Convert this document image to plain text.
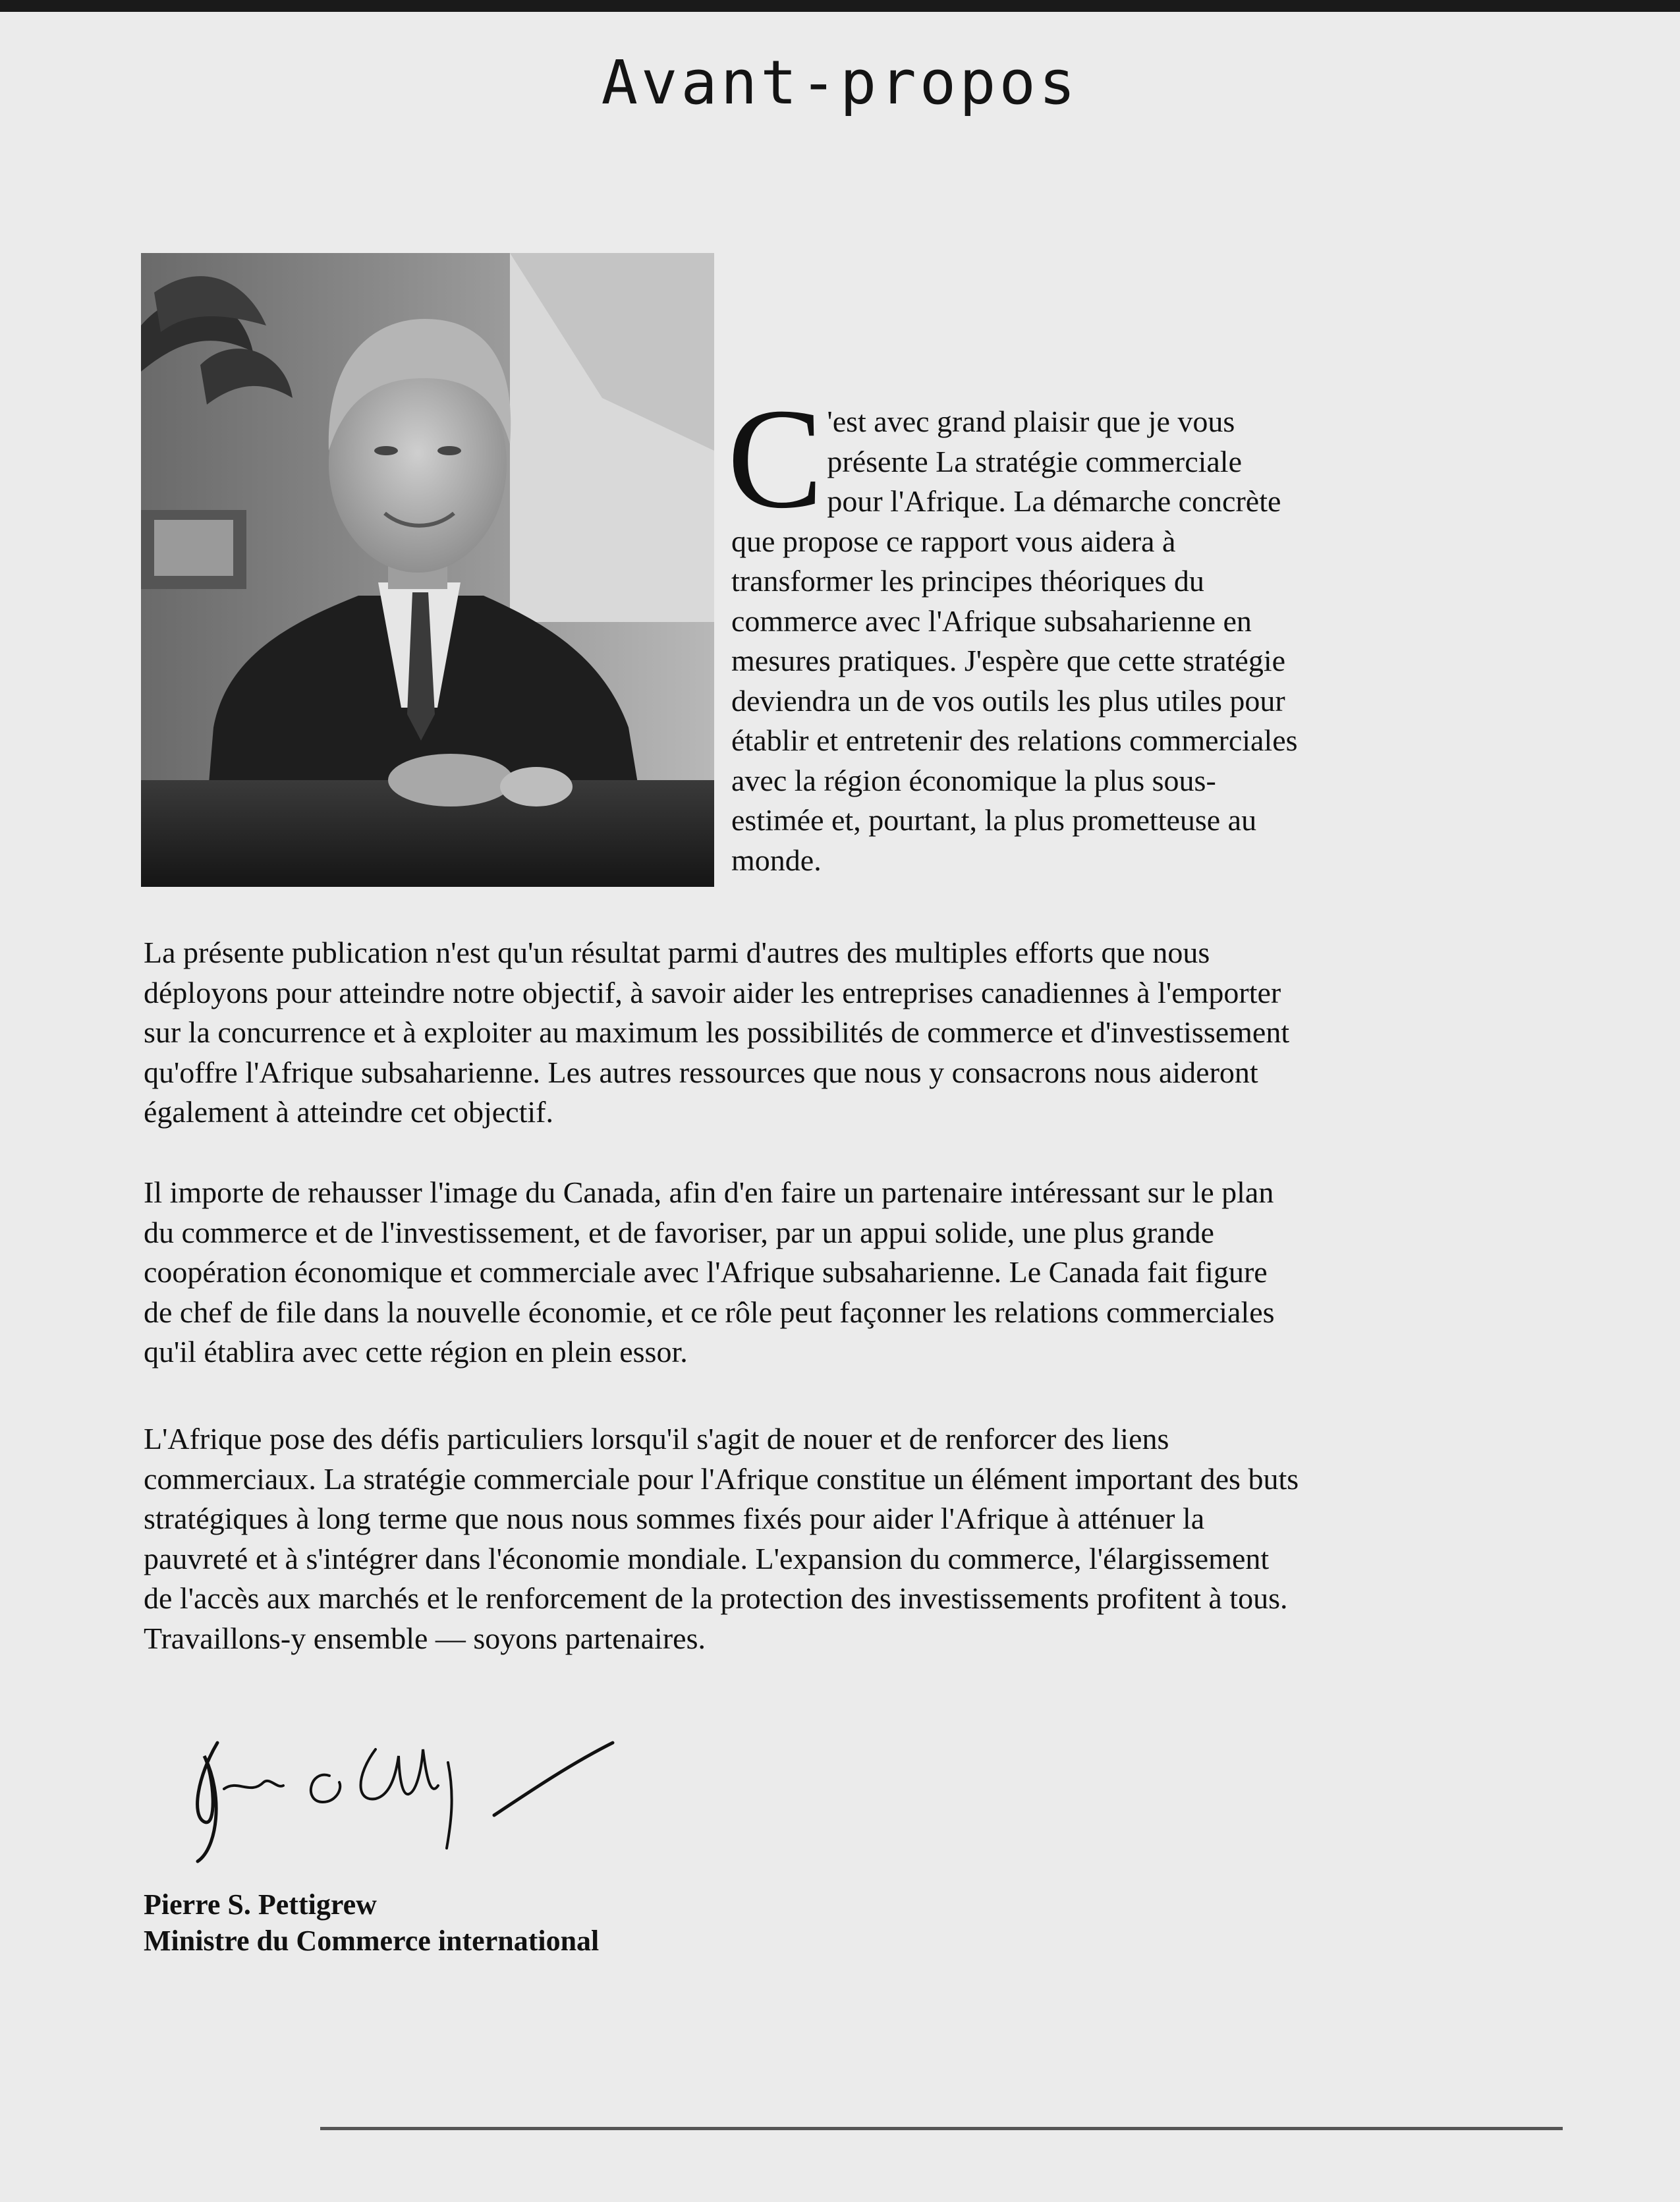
Avant-propos

C 'est avec grand plaisir que je vous présente La stratégie commerciale pour l'Afrique. La démarche concrète que propose ce rapport vous aidera à transformer les principes théoriques du commerce avec l'Afrique subsaharienne en mesures pratiques. J'espère que cette stratégie deviendra un de vos outils les plus utiles pour établir et entretenir des relations commerciales avec la région économique la plus sous-estimée et, pourtant, la plus prometteuse au monde.

La présente publication n'est qu'un résultat parmi d'autres des multiples efforts que nous déployons pour atteindre notre objectif, à savoir aider les entreprises canadiennes à l'emporter sur la concurrence et à exploiter au maximum les possibilités de commerce et d'investissement qu'offre l'Afrique subsaharienne. Les autres ressources que nous y consacrons nous aideront également à atteindre cet objectif.

Il importe de rehausser l'image du Canada, afin d'en faire un partenaire intéressant sur le plan du commerce et de l'investissement, et de favoriser, par un appui solide, une plus grande coopération économique et commerciale avec l'Afrique subsaharienne. Le Canada fait figure de chef de file dans la nouvelle économie, et ce rôle peut façonner les relations commerciales qu'il établira avec cette région en plein essor.

L'Afrique pose des défis particuliers lorsqu'il s'agit de nouer et de renforcer des liens commerciaux. La stratégie commerciale pour l'Afrique constitue un élément important des buts stratégiques à long terme que nous nous sommes fixés pour aider l'Afrique à atténuer la pauvreté et à s'intégrer dans l'économie mondiale. L'expansion du commerce, l'élargissement de l'accès aux marchés et le renforcement de la protection des investissements profitent à tous. Travaillons-y ensemble — soyons partenaires.

Pierre S. Pettigrew

Ministre du Commerce international
